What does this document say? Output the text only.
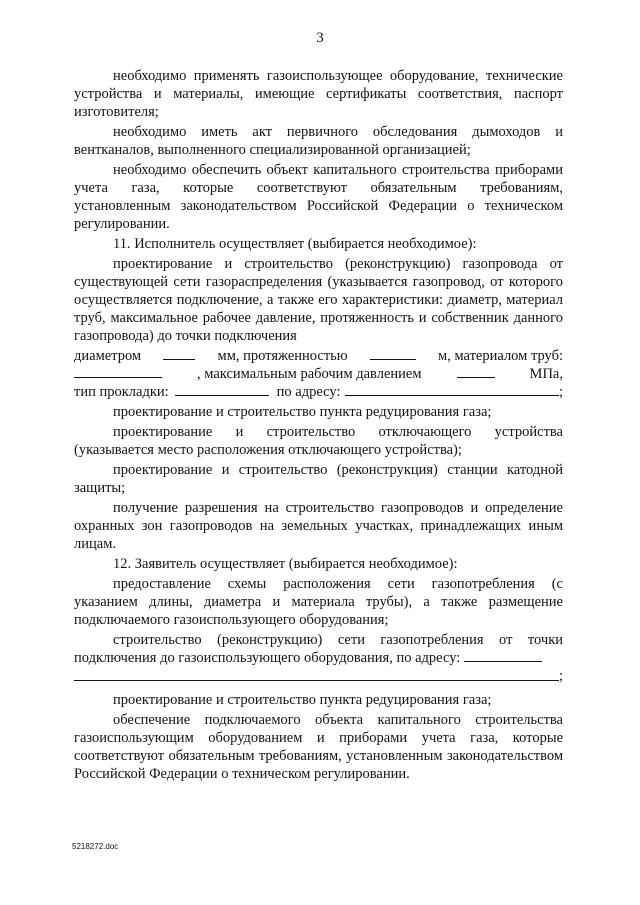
3

необходимо применять газоиспользующее оборудование, технические устройства и материалы, имеющие сертификаты соответствия, паспорт изготовителя;

необходимо иметь акт первичного обследования дымоходов и вентканалов, выполненного специализированной организацией;

необходимо обеспечить объект капитального строительства приборами учета газа, которые соответствуют обязательным требованиям, установленным законодательством Российской Федерации о техническом регулировании.

11. Исполнитель осуществляет (выбирается необходимое):

проектирование и строительство (реконструкцию) газопровода от существующей сети газораспределения (указывается газопровод, от которого осуществляется подключение, а также его характеристики: диаметр, материал труб, максимальное рабочее давление, протяженность и собственник данного газопровода) до точки подключения

диаметром	мм, протяженностью	м, материалом труб:
, максимальным рабочим давлением	МПа,
тип прокладки:	по адресу:	;

проектирование и строительство пункта редуцирования газа;

проектирование и строительство отключающего устройства (указывается место расположения отключающего устройства);

проектирование и строительство (реконструкция) станции катодной защиты;

получение разрешения на строительство газопроводов и определение охранных зон газопроводов на земельных участках, принадлежащих иным лицам.

12. Заявитель осуществляет (выбирается необходимое):

предоставление схемы расположения сети газопотребления (с указанием длины, диаметра и материала трубы), а также размещение подключаемого газоиспользующего оборудования;

строительство (реконструкцию) сети газопотребления от точки подключения до газоиспользующего оборудования, по адресу:

;

проектирование и строительство пункта редуцирования газа;

обеспечение подключаемого объекта капитального строительства газоиспользующим оборудованием и приборами учета газа, которые соответствуют обязательным требованиям, установленным законодательством Российской Федерации о техническом регулировании.

5218272.doc
